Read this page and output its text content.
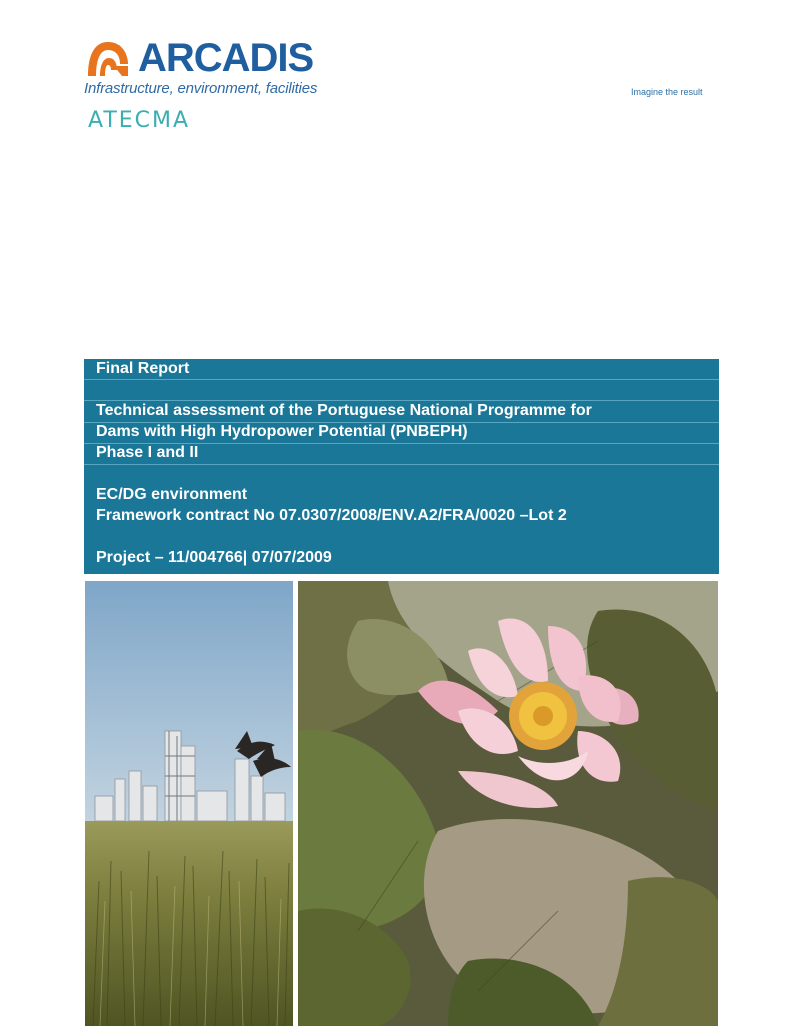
ARCADIS
Infrastructure, environment, facilities
ATECMA
Imagine the result
Final Report
Technical assessment of the Portuguese National Programme for
Dams with High Hydropower Potential (PNBEPH)
Phase I and II
EC/DG environment
Framework contract No 07.0307/2008/ENV.A2/FRA/0020 –Lot 2
Project – 11/004766| 07/07/2009
